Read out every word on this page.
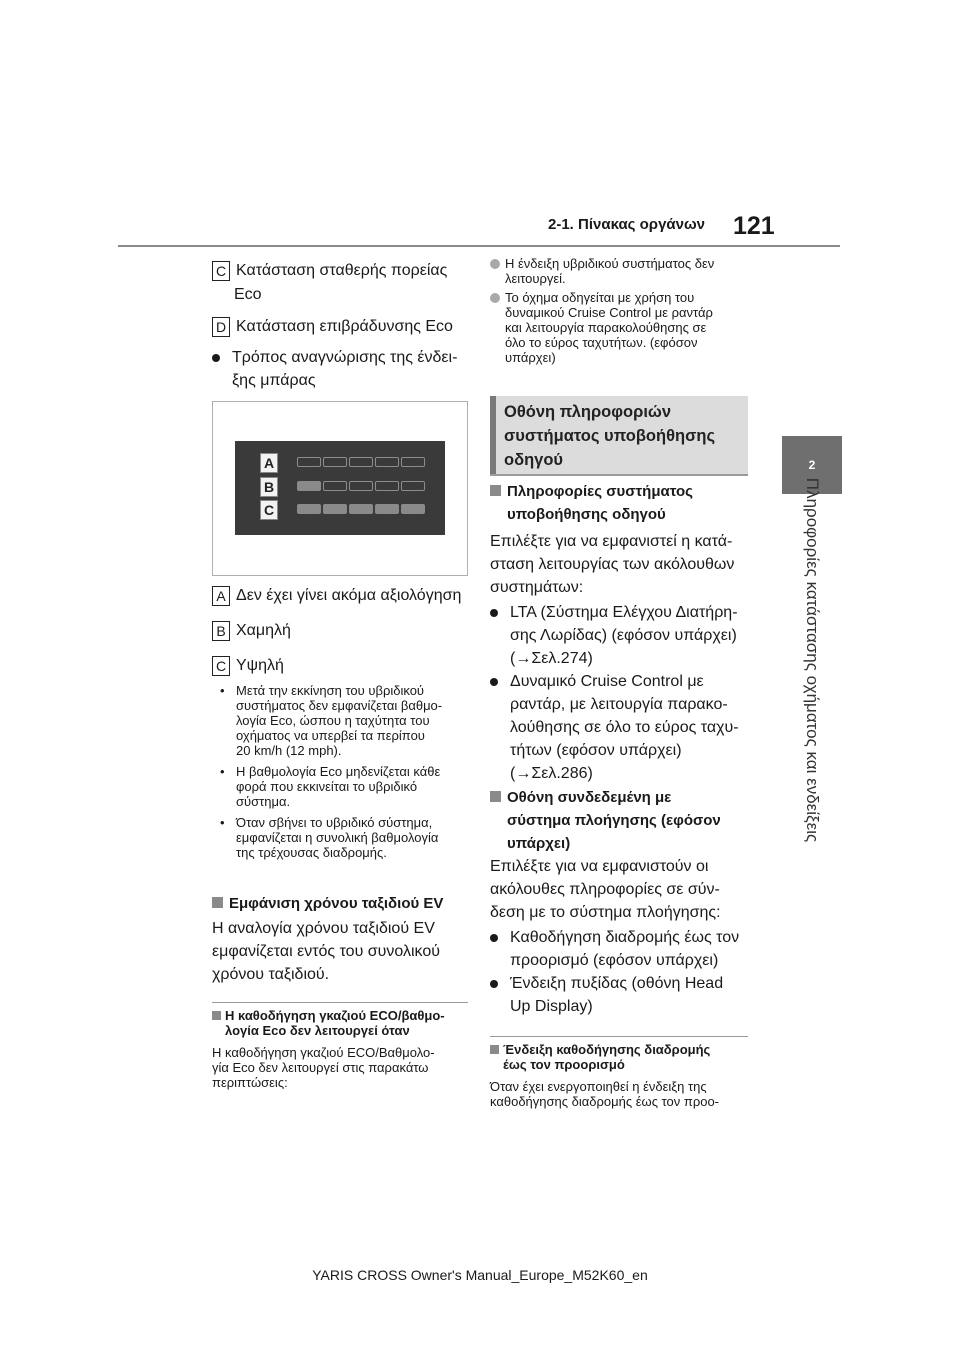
2-1. Πίνακας οργάνων 121
2
Πληροφορίες κατάστασης οχήματος και ενδείξεις
C Κατάσταση σταθερής πορείας
Eco
D Κατάσταση επιβράδυνσης Eco
Τρόπος αναγνώρισης της ένδει-
ξης μπάρας
A
B
C
A Δεν έχει γίνει ακόμα αξιολόγηση
B Χαμηλή
C Υψηλή
• Μετά την εκκίνηση του υβριδικού
συστήματος δεν εμφανίζεται βαθμο-
λογία Eco, ώσπου η ταχύτητα του
οχήματος να υπερβεί τα περίπου
20 km/h (12 mph).
• Η βαθμολογία Eco μηδενίζεται κάθε
φορά που εκκινείται το υβριδικό
σύστημα.
• Όταν σβήνει το υβριδικό σύστημα,
εμφανίζεται η συνολική βαθμολογία
της τρέχουσας διαδρομής.
Εμφάνιση χρόνου ταξιδιού EV
Η αναλογία χρόνου ταξιδιού EV
εμφανίζεται εντός του συνολικού
χρόνου ταξιδιού.
Η καθοδήγηση γκαζιού ECO/βαθμο-
λογία Eco δεν λειτουργεί όταν
Η καθοδήγηση γκαζιού ECO/Βαθμολο-
γία Eco δεν λειτουργεί στις παρακάτω
περιπτώσεις:
Η ένδειξη υβριδικού συστήματος δεν
λειτουργεί.
Το όχημα οδηγείται με χρήση του
δυναμικού Cruise Control με ραντάρ
και λειτουργία παρακολούθησης σε
όλο το εύρος ταχυτήτων. (εφόσον
υπάρχει)
Οθόνη πληροφοριών
συστήματος υποβοήθησης
οδηγού
Πληροφορίες συστήματος
υποβοήθησης οδηγού
Επιλέξτε για να εμφανιστεί η κατά-
σταση λειτουργίας των ακόλουθων
συστημάτων:
LTA (Σύστημα Ελέγχου Διατήρη-
σης Λωρίδας) (εφόσον υπάρχει)
(→Σελ.274)
Δυναμικό Cruise Control με
ραντάρ, με λειτουργία παρακο-
λούθησης σε όλο το εύρος ταχυ-
τήτων (εφόσον υπάρχει)
(→Σελ.286)
Οθόνη συνδεδεμένη με
σύστημα πλοήγησης (εφόσον
υπάρχει)
Επιλέξτε για να εμφανιστούν οι
ακόλουθες πληροφορίες σε σύν-
δεση με το σύστημα πλοήγησης:
Καθοδήγηση διαδρομής έως τον
προορισμό (εφόσον υπάρχει)
Ένδειξη πυξίδας (οθόνη Head
Up Display)
Ένδειξη καθοδήγησης διαδρομής
έως τον προορισμό
Όταν έχει ενεργοποιηθεί η ένδειξη της
καθοδήγησης διαδρομής έως τον προο-
YARIS CROSS Owner's Manual_Europe_M52K60_en
